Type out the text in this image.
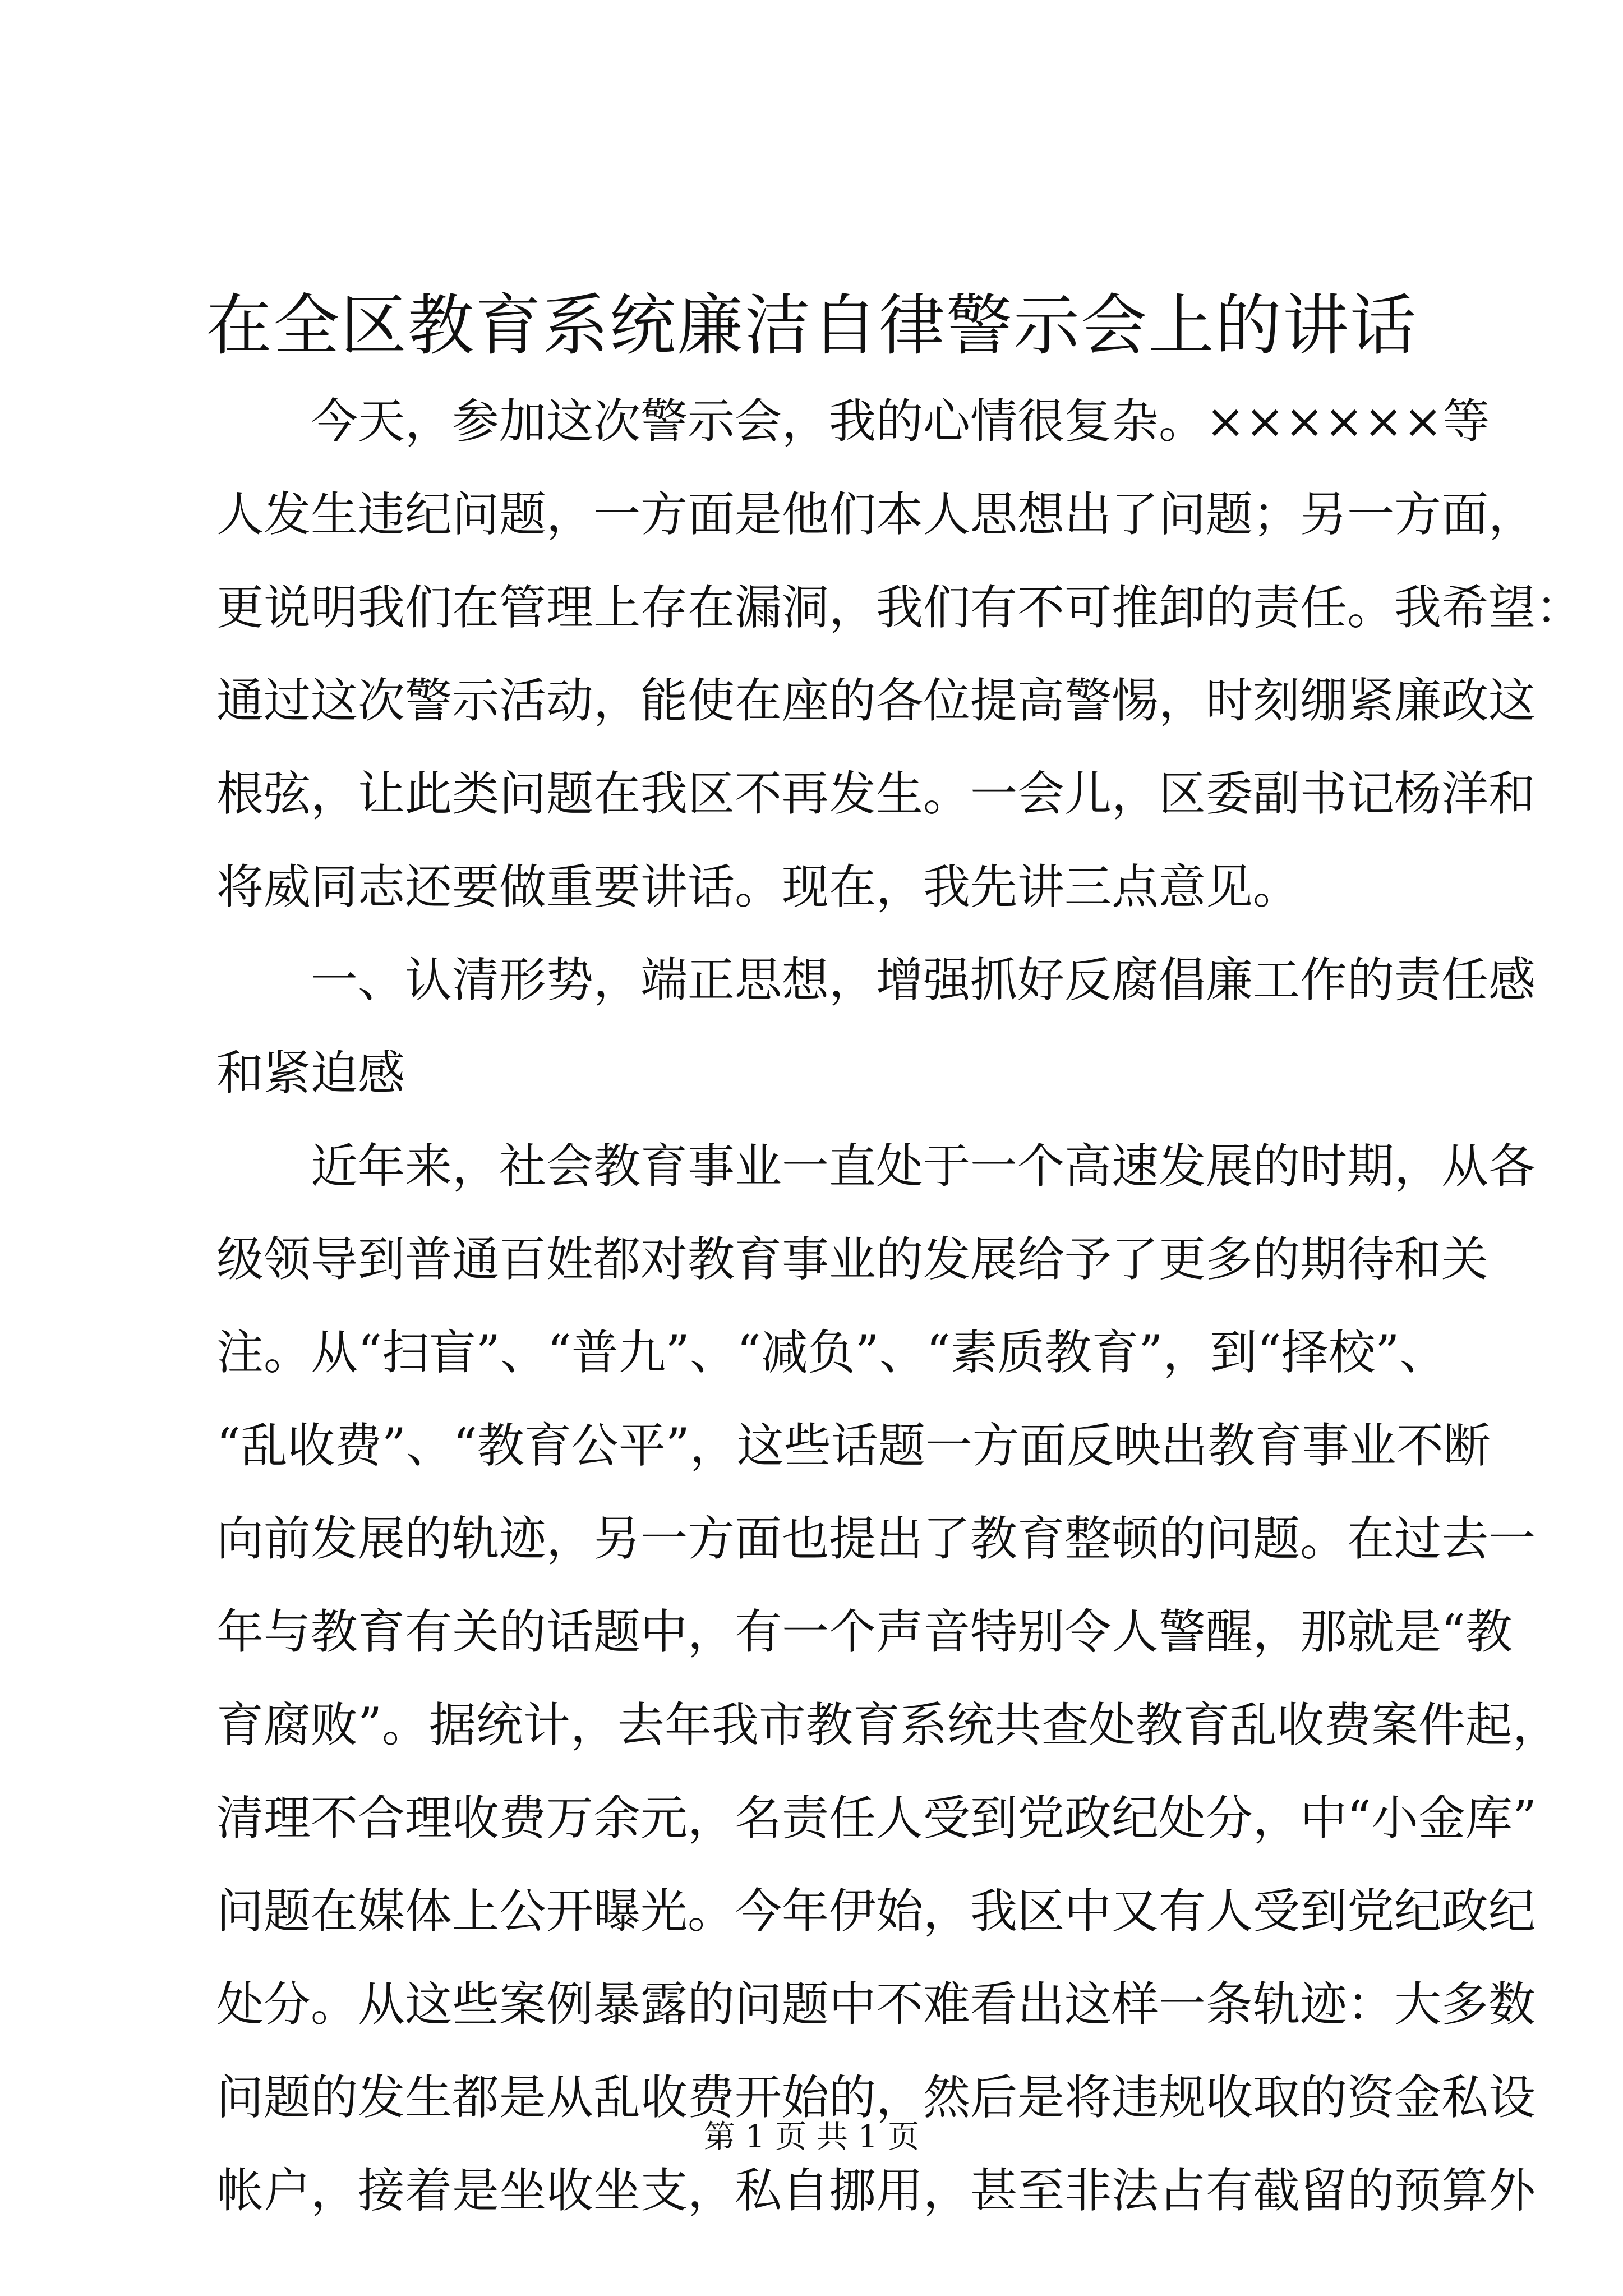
在全区教育系统廉洁自律警示会上的讲话
今天，参加这次警示会，我的心情很复杂。××××××等
人发生违纪问题，一方面是他们本人思想出了问题；另一方面，
更说明我们在管理上存在漏洞，我们有不可推卸的责任。我希望：
通过这次警示活动，能使在座的各位提高警惕，时刻绷紧廉政这
根弦，让此类问题在我区不再发生。一会儿，区委副书记杨洋和
将威同志还要做重要讲话。现在，我先讲三点意见。
一、认清形势，端正思想，增强抓好反腐倡廉工作的责任感
和紧迫感
近年来，社会教育事业一直处于一个高速发展的时期，从各
级领导到普通百姓都对教育事业的发展给予了更多的期待和关
注。从“扫盲”、“普九”、“减负”、“素质教育”，到“择校”、
“乱收费”、“教育公平”，这些话题一方面反映出教育事业不断
向前发展的轨迹，另一方面也提出了教育整顿的问题。在过去一
年与教育有关的话题中，有一个声音特别令人警醒，那就是“教
育腐败”。据统计，去年我市教育系统共查处教育乱收费案件起，
清理不合理收费万余元，名责任人受到党政纪处分，中“小金库”
问题在媒体上公开曝光。今年伊始，我区中又有人受到党纪政纪
处分。从这些案例暴露的问题中不难看出这样一条轨迹：大多数
问题的发生都是从乱收费开始的，然后是将违规收取的资金私设
帐户，接着是坐收坐支，私自挪用，甚至非法占有截留的预算外
第 1 页 共 1 页
